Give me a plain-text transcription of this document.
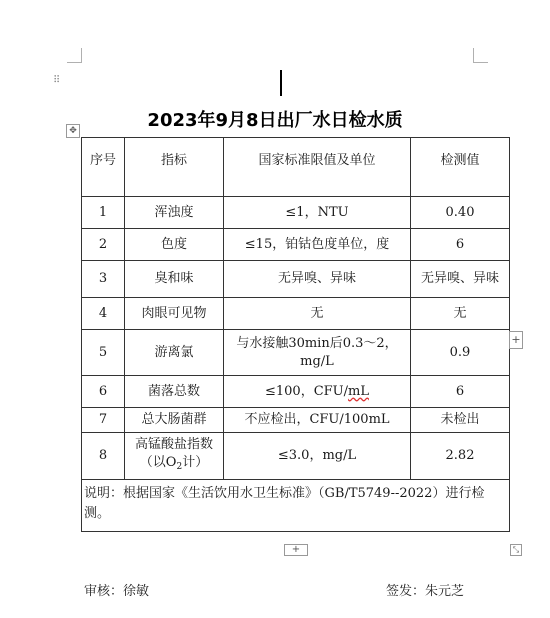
⠿
2023年9月8日出厂水日检水质
✥
序号	指标	国家标准限值及单位	检测值
1	浑浊度	≤1，NTU	0.40
2	色度	≤15，铂钴色度单位，度	6
3	臭和味	无异嗅、异味	无异嗅、异味
4	肉眼可见物	无	无
5	游离氯	与水接触30min后0.3～2，
mg/L	0.9
6	菌落总数	≤100，CFU/mL	6
7	总大肠菌群	不应检出，CFU/100mL	未检出
8	高锰酸盐指数
（以$O_2$计）	≤3.0，mg/L	2.82
说明：根据国家《生活饮用水卫生标准》（GB/T5749--2022）进行检测。			
+
+	⤡
审核：徐敏	签发：朱元芝
